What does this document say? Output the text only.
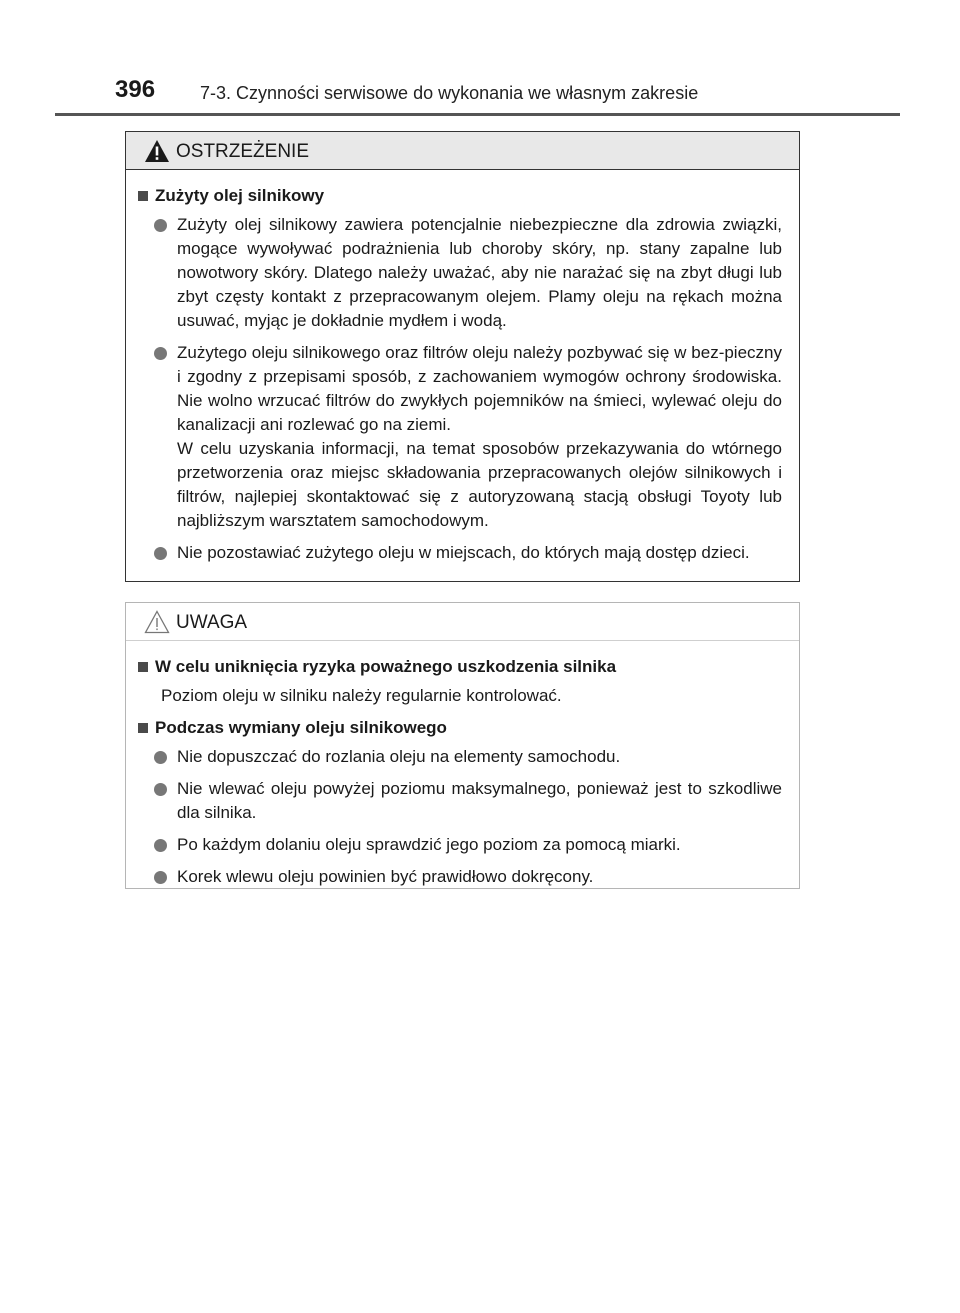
396 7-3. Czynności serwisowe do wykonania we własnym zakresie
OSTRZEŻENIE
Zużyty olej silnikowy
Zużyty olej silnikowy zawiera potencjalnie niebezpieczne dla zdrowia związki, mogące wywoływać podrażnienia lub choroby skóry, np. stany zapalne lub nowotwory skóry. Dlatego należy uważać, aby nie narażać się na zbyt długi lub zbyt częsty kontakt z przepracowanym olejem. Plamy oleju na rękach można usuwać, myjąc je dokładnie mydłem i wodą.
Zużytego oleju silnikowego oraz filtrów oleju należy pozbywać się w bez-pieczny i zgodny z przepisami sposób, z zachowaniem wymogów ochrony środowiska. Nie wolno wrzucać filtrów do zwykłych pojemników na śmieci, wylewać oleju do kanalizacji ani rozlewać go na ziemi.
W celu uzyskania informacji, na temat sposobów przekazywania do wtórnego przetworzenia oraz miejsc składowania przepracowanych olejów silnikowych i filtrów, najlepiej skontaktować się z autoryzowaną stacją obsługi Toyoty lub najbliższym warsztatem samochodowym.
Nie pozostawiać zużytego oleju w miejscach, do których mają dostęp dzieci.
UWAGA
W celu uniknięcia ryzyka poważnego uszkodzenia silnika
Poziom oleju w silniku należy regularnie kontrolować.
Podczas wymiany oleju silnikowego
Nie dopuszczać do rozlania oleju na elementy samochodu.
Nie wlewać oleju powyżej poziomu maksymalnego, ponieważ jest to szkodliwe dla silnika.
Po każdym dolaniu oleju sprawdzić jego poziom za pomocą miarki.
Korek wlewu oleju powinien być prawidłowo dokręcony.
